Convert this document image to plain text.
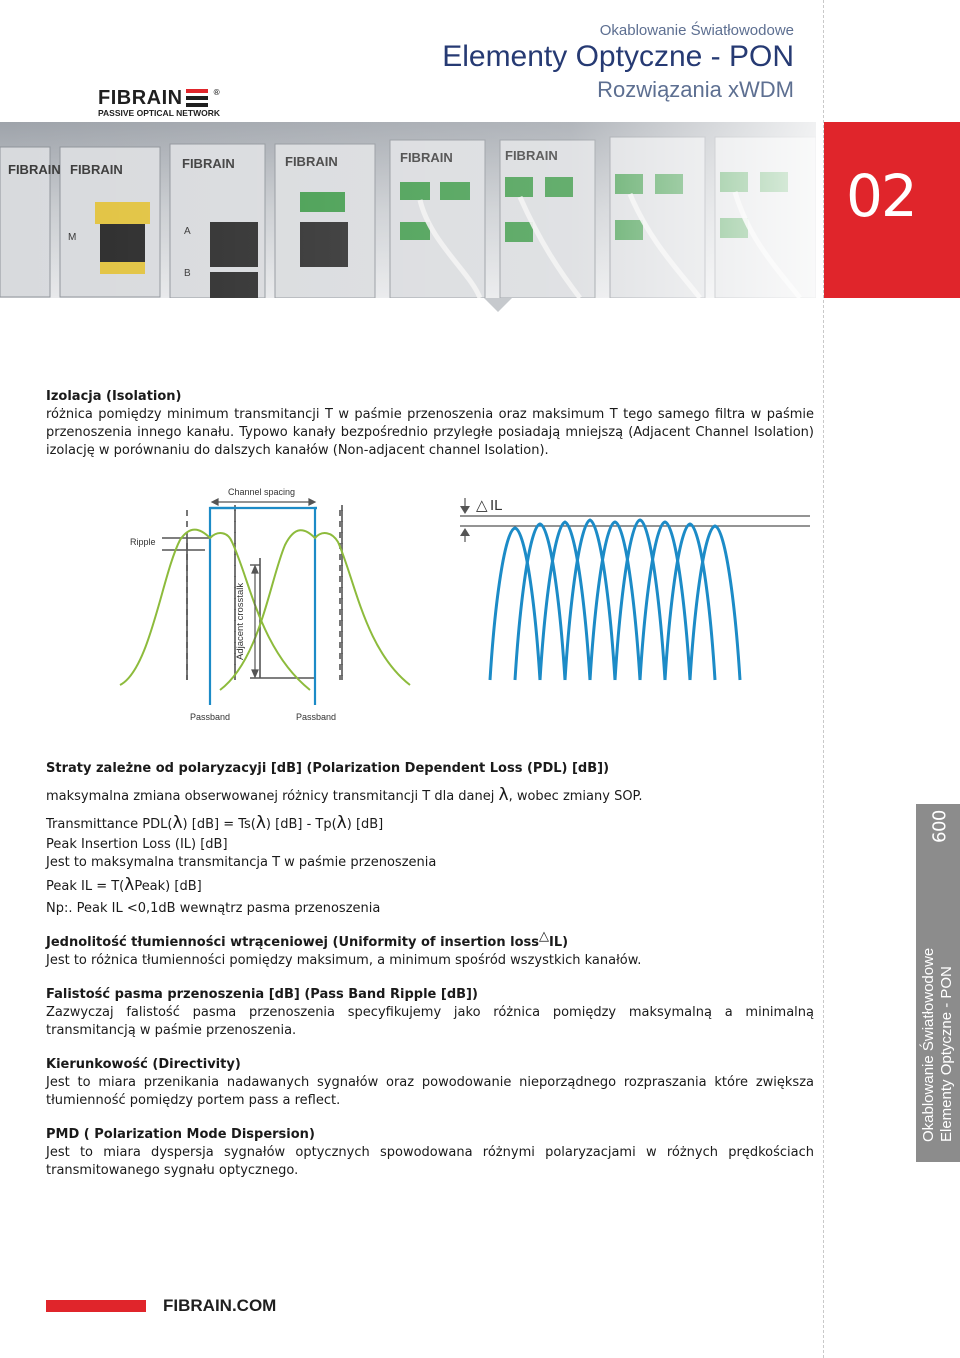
Okablowanie Światłowodowe
Elementy Optyczne - PON
Rozwiązania xWDM
FIBRAIN	®
PASSIVE OPTICAL NETWORK
02
Izolacja (Isolation)
różnica pomiędzy minimum transmitancji T w paśmie przenoszenia oraz maksimum T tego samego filtra w paśmie przenoszenia innego kanału. Typowo kanały bezpośrednio przyległe posiadają mniejszą (Adjacent Channel Isolation) izolację w porównaniu do dalszych kanałów (Non-adjacent channel Isolation).
Channel spacing
Ripple
Adjacent crosstalk
Passband	Passband
△ IL
Straty zależne od polaryzacyji [dB] (Polarization Dependent Loss (PDL) [dB])
maksymalna zmiana obserwowanej różnicy transmitancji T dla danej λ, wobec zmiany SOP.
Transmittance PDL(λ) [dB] = Ts(λ) [dB] - Tp(λ) [dB]
Peak Insertion Loss (IL) [dB]
Jest to maksymalna transmitancja T w paśmie przenoszenia
Peak IL = T(λPeak) [dB]
Np:. Peak IL <0,1dB wewnątrz pasma przenoszenia
Jednolitość tłumienności wtrąceniowej (Uniformity of insertion loss△IL)
Jest to różnica tłumienności pomiędzy maksimum, a minimum spośród wszystkich kanałów.
Falistość pasma przenoszenia [dB] (Pass Band Ripple [dB])
Zazwyczaj falistość pasma przenoszenia specyfikujemy jako różnica pomiędzy maksymalną a minimalną transmitancją w paśmie przenoszenia.
Kierunkowość (Directivity)
Jest to miara przenikania nadawanych sygnałów oraz powodowanie nieporządnego rozpraszania które zwiększa tłumienność pomiędzy portem pass a reflect.
PMD ( Polarization Mode Dispersion)
Jest to miara dyspersja sygnałów optycznych spowodowana różnymi polaryzacjami w różnych prędkościach transmitowanego sygnału optycznego.
009
Okablowanie Światłowodowe Elementy Optyczne - PON
FIBRAIN.COM
